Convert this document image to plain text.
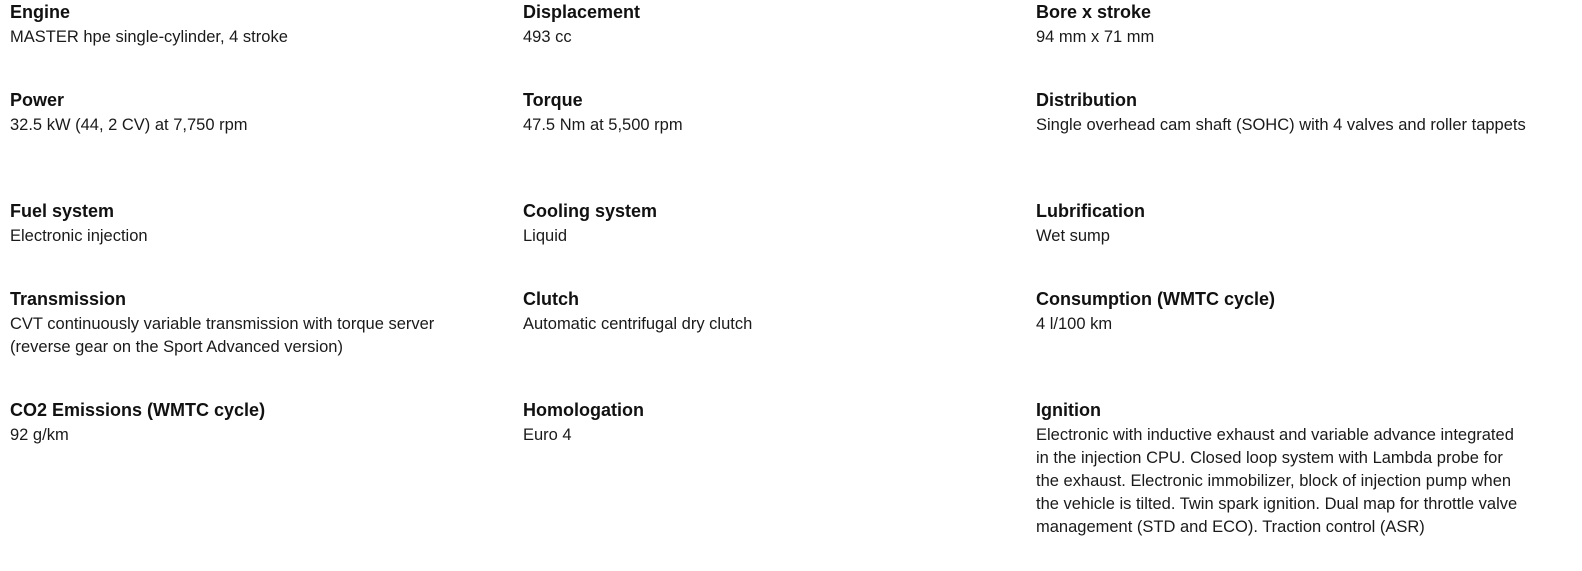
Engine
MASTER hpe single-cylinder, 4 stroke
Displacement
493 cc
Bore x stroke
94 mm x 71 mm
Power
32.5 kW (44, 2 CV) at 7,750 rpm
Torque
47.5 Nm at 5,500 rpm
Distribution
Single overhead cam shaft (SOHC) with 4 valves and roller tappets
Fuel system
Electronic injection
Cooling system
Liquid
Lubrification
Wet sump
Transmission
CVT continuously variable transmission with torque server (reverse gear on the Sport Advanced version)
Clutch
Automatic centrifugal dry clutch
Consumption (WMTC cycle)
4 l/100 km
CO2 Emissions (WMTC cycle)
92 g/km
Homologation
Euro 4
Ignition
Electronic with inductive exhaust and variable advance integrated in the injection CPU. Closed loop system with Lambda probe for the exhaust. Electronic immobilizer, block of injection pump when the vehicle is tilted. Twin spark ignition. Dual map for throttle valve management (STD and ECO). Traction control (ASR)
